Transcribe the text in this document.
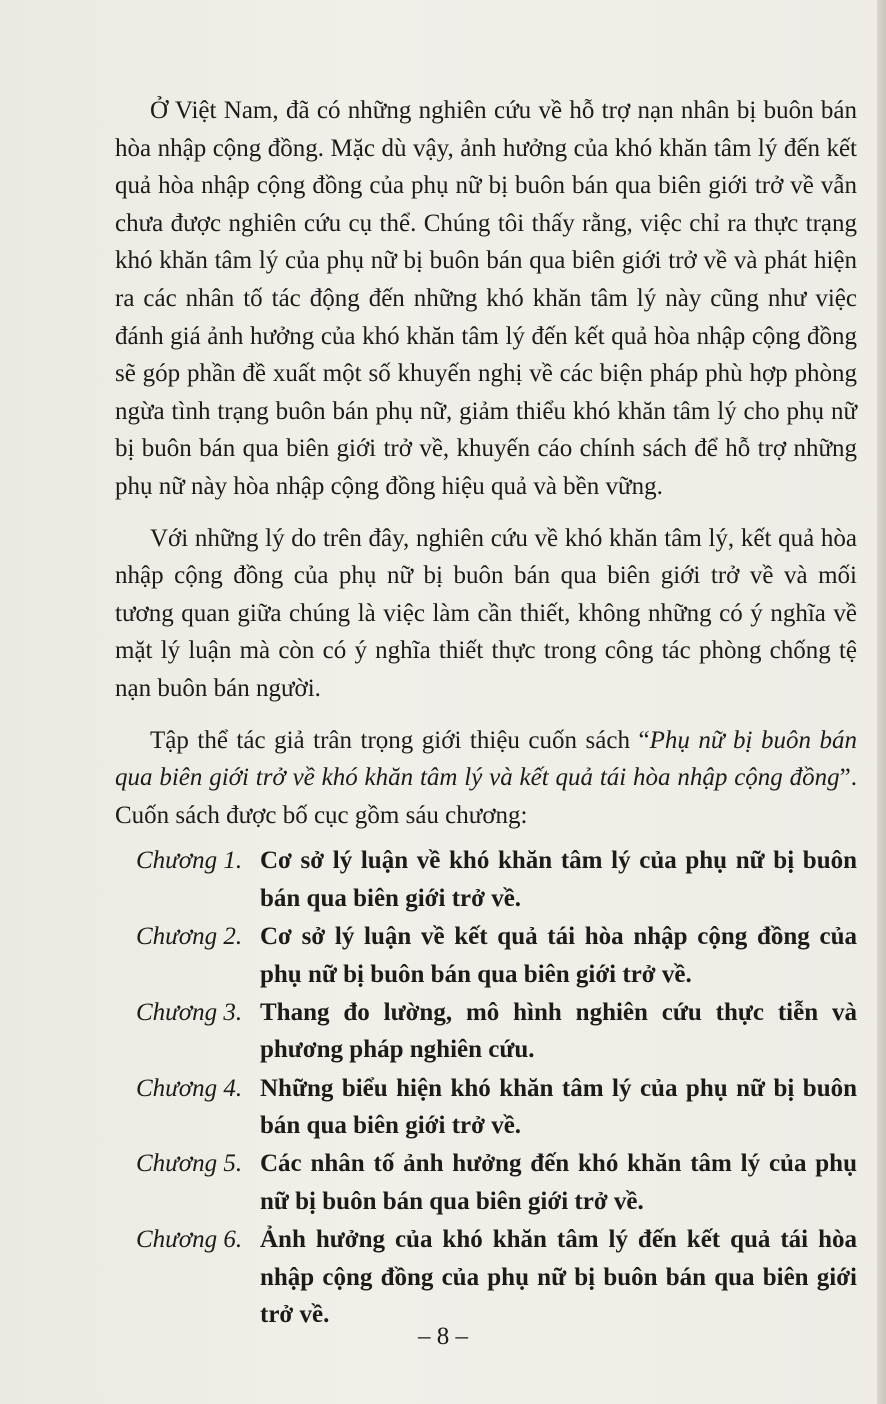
Ở Việt Nam, đã có những nghiên cứu về hỗ trợ nạn nhân bị buôn bán hòa nhập cộng đồng. Mặc dù vậy, ảnh hưởng của khó khăn tâm lý đến kết quả hòa nhập cộng đồng của phụ nữ bị buôn bán qua biên giới trở về vẫn chưa được nghiên cứu cụ thể. Chúng tôi thấy rằng, việc chỉ ra thực trạng khó khăn tâm lý của phụ nữ bị buôn bán qua biên giới trở về và phát hiện ra các nhân tố tác động đến những khó khăn tâm lý này cũng như việc đánh giá ảnh hưởng của khó khăn tâm lý đến kết quả hòa nhập cộng đồng sẽ góp phần đề xuất một số khuyến nghị về các biện pháp phù hợp phòng ngừa tình trạng buôn bán phụ nữ, giảm thiểu khó khăn tâm lý cho phụ nữ bị buôn bán qua biên giới trở về, khuyến cáo chính sách để hỗ trợ những phụ nữ này hòa nhập cộng đồng hiệu quả và bền vững.

Với những lý do trên đây, nghiên cứu về khó khăn tâm lý, kết quả hòa nhập cộng đồng của phụ nữ bị buôn bán qua biên giới trở về và mối tương quan giữa chúng là việc làm cần thiết, không những có ý nghĩa về mặt lý luận mà còn có ý nghĩa thiết thực trong công tác phòng chống tệ nạn buôn bán người.

Tập thể tác giả trân trọng giới thiệu cuốn sách “Phụ nữ bị buôn bán qua biên giới trở về khó khăn tâm lý và kết quả tái hòa nhập cộng đồng”. Cuốn sách được bố cục gồm sáu chương:

Chương 1. Cơ sở lý luận về khó khăn tâm lý của phụ nữ bị buôn bán qua biên giới trở về.
Chương 2. Cơ sở lý luận về kết quả tái hòa nhập cộng đồng của phụ nữ bị buôn bán qua biên giới trở về.
Chương 3. Thang đo lường, mô hình nghiên cứu thực tiễn và phương pháp nghiên cứu.
Chương 4. Những biểu hiện khó khăn tâm lý của phụ nữ bị buôn bán qua biên giới trở về.
Chương 5. Các nhân tố ảnh hưởng đến khó khăn tâm lý của phụ nữ bị buôn bán qua biên giới trở về.
Chương 6. Ảnh hưởng của khó khăn tâm lý đến kết quả tái hòa nhập cộng đồng của phụ nữ bị buôn bán qua biên giới trở về.
– 8 –
